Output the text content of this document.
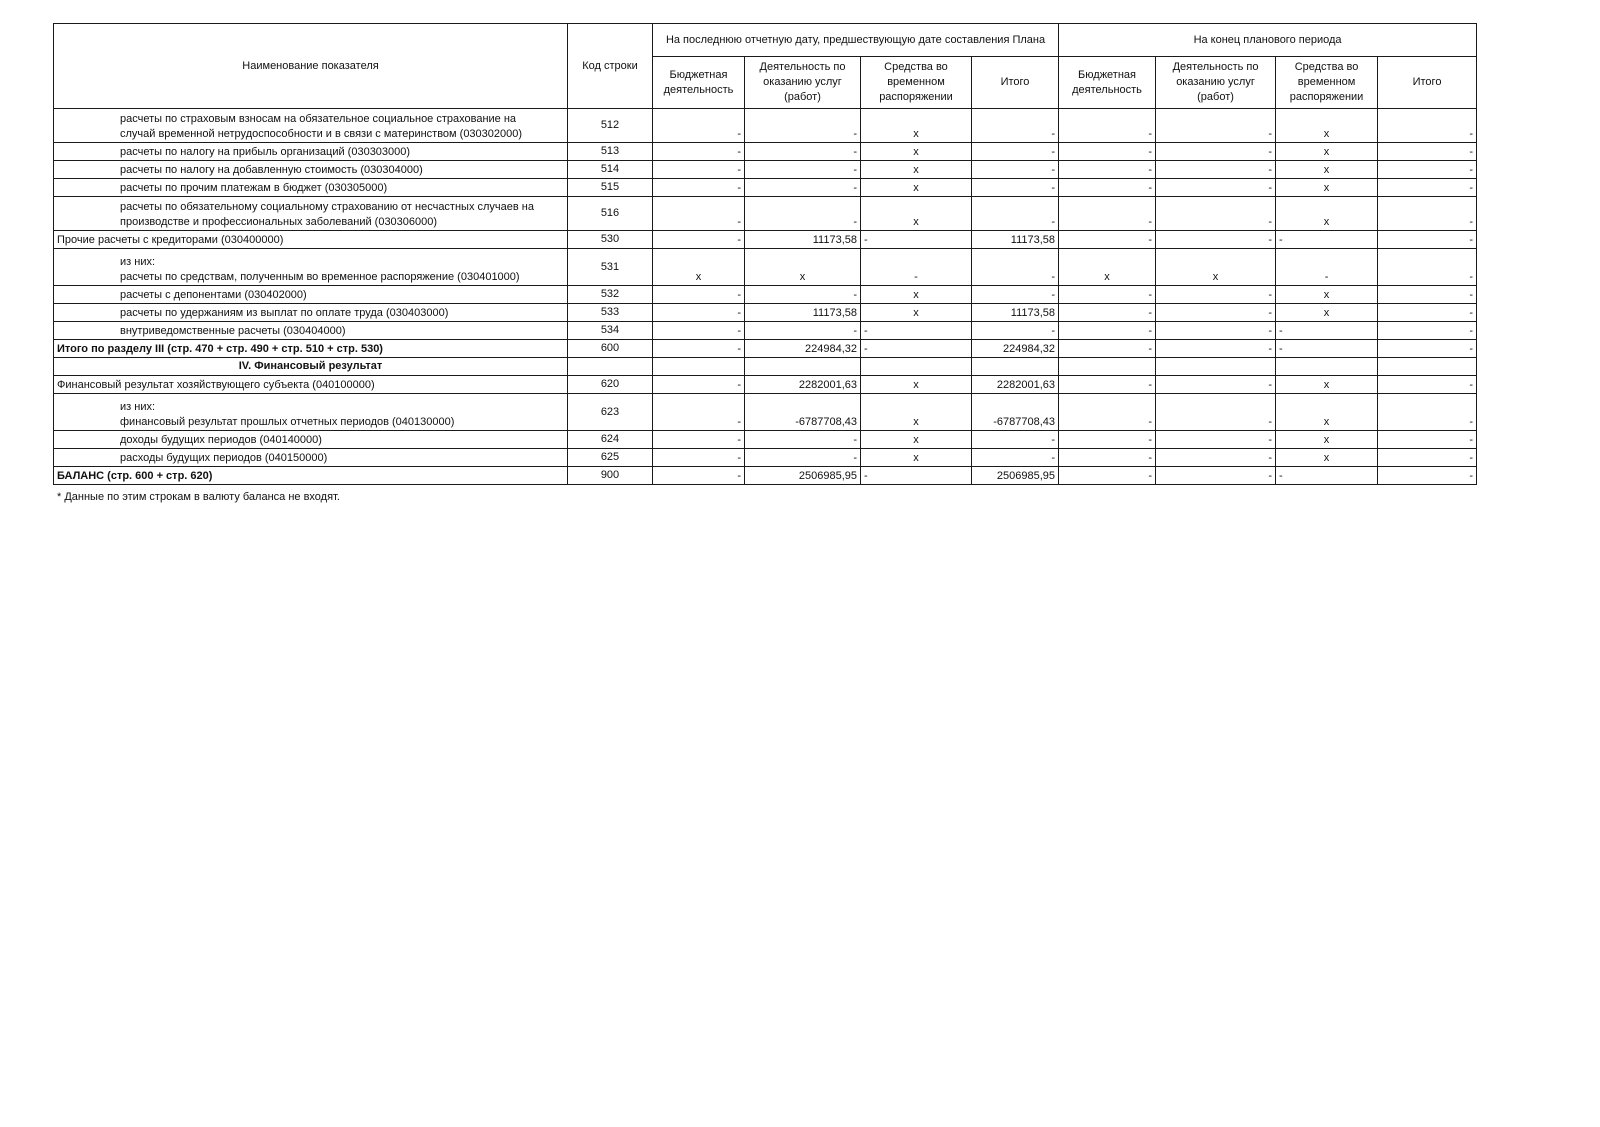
Наименование показателя	Код строки	На последнюю отчетную дату, предшествующую дате составления Плана				На конец планового периода			
		Бюджетная деятельность	Деятельность по оказанию услуг (работ)	Средства во временном распоряжении	Итого	Бюджетная деятельность	Деятельность по оказанию услуг (работ)	Средства во временном распоряжении	Итого

расчеты по страховым взносам на обязательное социальное страхование на
случай временной нетрудоспособности и в связи с материнством (030302000)	512	-	-	x	-	-	-	x	-

расчеты по налогу на прибыль организаций (030303000)	513	-	-	x	-	-	-	x	-

расчеты по налогу на добавленную стоимость (030304000)	514	-	-	x	-	-	-	x	-

расчеты по прочим платежам в бюджет (030305000)	515	-	-	x	-	-	-	x	-

расчеты по обязательному социальному страхованию от несчастных случаев на
производстве и профессиональных заболеваний (030306000)	516	-	-	x	-	-	-	x	-

Прочие расчеты с кредиторами (030400000)	530	-	11173,58	-	11173,58	-	-	-	-

из них:
расчеты по средствам, полученным во временное распоряжение (030401000)	531	x	x	-	-	x	x	-	-

расчеты с депонентами (030402000)	532	-	-	x	-	-	-	x	-

расчеты по удержаниям из выплат по оплате труда (030403000)	533	-	11173,58	x	11173,58	-	-	x	-

внутриведомственные расчеты (030404000)	534	-	-	-	-	-	-	-	-

Итого по разделу III (стр. 470 + стр. 490 + стр. 510 + стр. 530)	600	-	224984,32	-	224984,32	-	-	-	-
IV. Финансовый результат									

Финансовый результат хозяйствующего субъекта (040100000)	620	-	2282001,63	x	2282001,63	-	-	x	-

из них:
финансовый результат прошлых отчетных периодов (040130000)	623	-	-6787708,43	x	-6787708,43	-	-	x	-

доходы будущих периодов (040140000)	624	-	-	x	-	-	-	x	-

расходы будущих периодов (040150000)	625	-	-	x	-	-	-	x	-

БАЛАНС (стр. 600 + стр. 620)	900	-	2506985,95	-	2506985,95	-	-	-	-
* Данные по этим строкам в валюту баланса не входят.
